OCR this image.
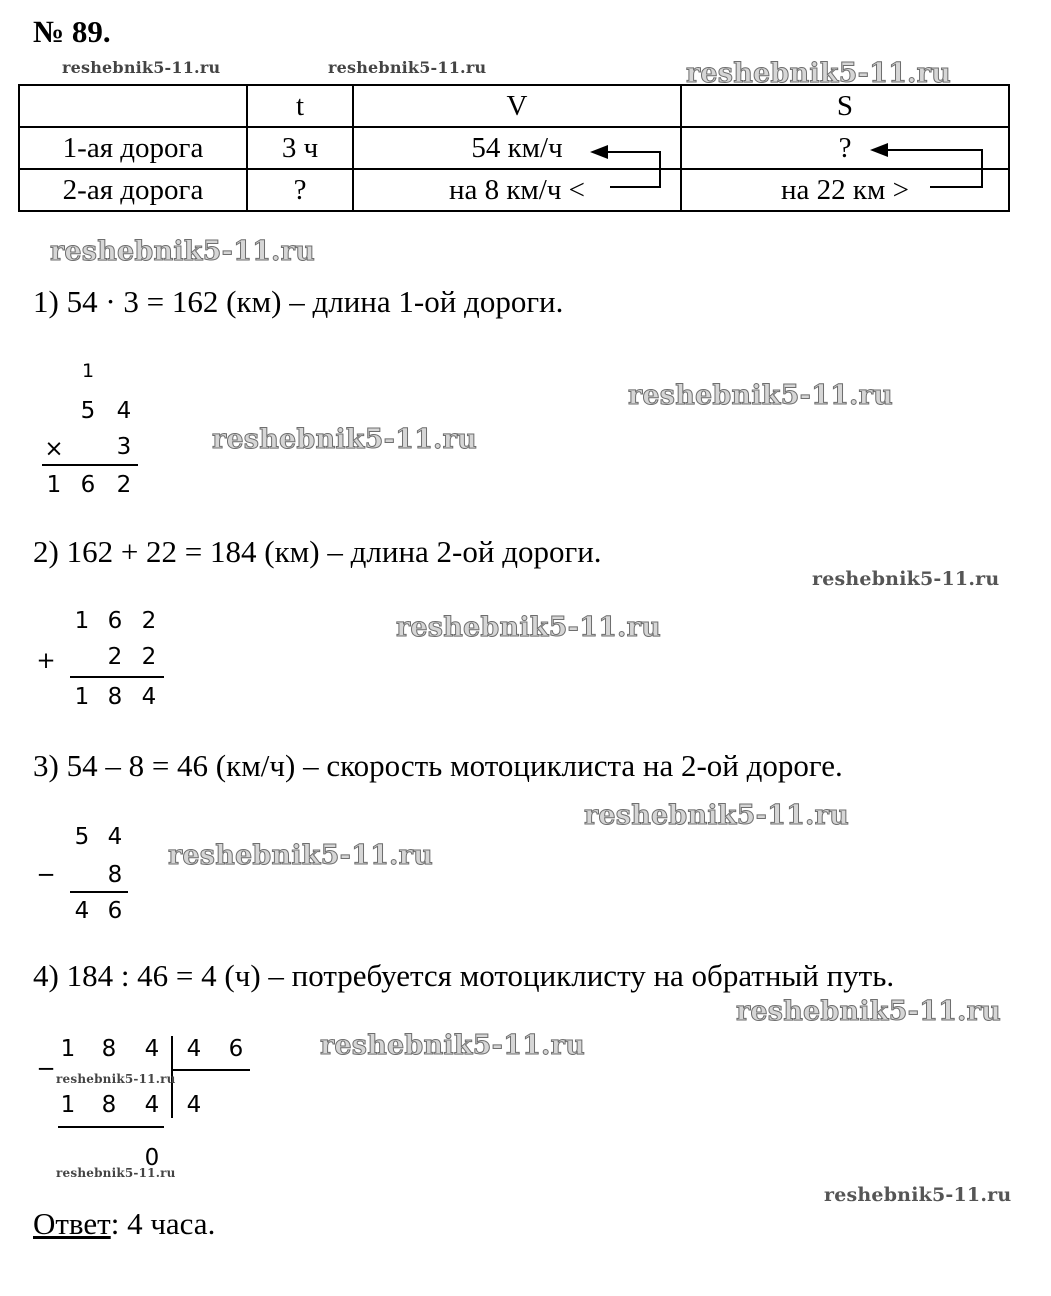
№ 89.
reshebnik5-11.ru	reshebnik5-11.ru	reshebnik5-11.ru
	t	V	S
1-ая дорога	3 ч	54 км/ч	?
2-ая дорога	?	на 8 км/ч <	на 22 км >
reshebnik5-11.ru
1) 54 · 3 = 162 (км) – длина 1-ой дороги.
1
5 4
× 3
1 6 2
reshebnik5-11.ru
reshebnik5-11.ru
2) 162 + 22 = 184 (км) – длина 2-ой дороги.
reshebnik5-11.ru
1 6 2
+ 2 2
1 8 4
reshebnik5-11.ru
3) 54 – 8 = 46 (км/ч) – скорость мотоциклиста на 2-ой дороге.
reshebnik5-11.ru
5 4
− 8
4 6
reshebnik5-11.ru
4) 184 : 46 = 4 (ч) – потребуется мотоциклисту на обратный путь.
reshebnik5-11.ru
1 8 4 4 6
−
1 8 4 4
0
reshebnik5-11.ru
reshebnik5-11.ru
reshebnik5-11.ru
reshebnik5-11.ru
Ответ: 4 часа.
